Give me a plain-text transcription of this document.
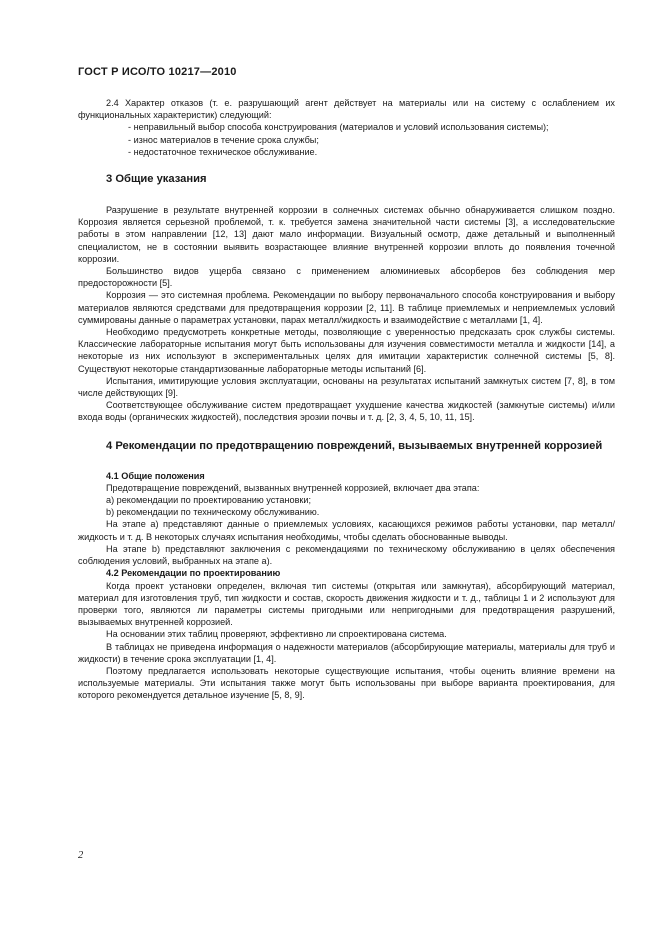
ГОСТ Р ИСО/ТО 10217—2010

2.4 Характер отказов (т. е. разрушающий агент действует на материалы или на систему с ослаблением их функциональных характеристик) следующий:

- неправильный выбор способа конструирования (материалов и условий использования системы);

- износ материалов в течение срока службы;

- недостаточное техническое обслуживание.

3 Общие указания

Разрушение в результате внутренней коррозии в солнечных системах обычно обнаруживается слишком поздно. Коррозия является серьезной проблемой, т. к. требуется замена значительной части системы [3], а исследовательские работы в этом направлении [12, 13] дают мало информации. Визуальный осмотр, даже детальный и выполненный специалистом, не в состоянии выявить возрастающее влияние внутренней коррозии вплоть до появления точечной коррозии.

Большинство видов ущерба связано с применением алюминиевых абсорберов без соблюдения мер предосторожности [5].

Коррозия — это системная проблема. Рекомендации по выбору первоначального способа конструирования и выбору материалов являются средствами для предотвращения коррозии [2, 11]. В таблице приемлемых и неприемлемых условий суммированы данные о параметрах установки, парах металл/жидкость и взаимодействие с металлами [1, 4].

Необходимо предусмотреть конкретные методы, позволяющие с уверенностью предсказать срок службы системы. Классические лабораторные испытания могут быть использованы для изучения совместимости металла и жидкости [14], а некоторые из них используют в экспериментальных целях для имитации характеристик солнечной системы [5, 8]. Существуют некоторые стандартизованные лабораторные методы испытаний [6].

Испытания, имитирующие условия эксплуатации, основаны на результатах испытаний замкнутых систем [7, 8], в том числе действующих [9].

Соответствующее обслуживание систем предотвращает ухудшение качества жидкостей (замкнутые системы) и/или входа воды (органических жидкостей), последствия эрозии почвы и т. д. [2, 3, 4, 5, 10, 11, 15].

4 Рекомендации по предотвращению повреждений, вызываемых внутренней коррозией
4.1 Общие положения

Предотвращение повреждений, вызванных внутренней коррозией, включает два этапа:

a) рекомендации по проектированию установки;

b) рекомендации по техническому обслуживанию.

На этапе а) представляют данные о приемлемых условиях, касающихся режимов работы установки, пар металл/жидкость и т. д. В некоторых случаях испытания необходимы, чтобы сделать обоснованные выводы.

На этапе b) представляют заключения с рекомендациями по техническому обслуживанию в целях обеспечения соблюдения условий, выбранных на этапе а).

4.2 Рекомендации по проектированию

Когда проект установки определен, включая тип системы (открытая или замкнутая), абсорбирующий материал, материал для изготовления труб, тип жидкости и состав, скорость движения жидкости и т. д., таблицы 1 и 2 используют для проверки того, являются ли параметры системы пригодными или непригодными для предотвращения разрушений, вызываемых внутренней коррозией.

На основании этих таблиц проверяют, эффективно ли спроектирована система.

В таблицах не приведена информация о надежности материалов (абсорбирующие материалы, материалы для труб и жидкости) в течение срока эксплуатации [1, 4].

Поэтому предлагается использовать некоторые существующие испытания, чтобы оценить влияние времени на используемые материалы. Эти испытания также могут быть использованы при выборе варианта проектирования, для которого рекомендуется детальное изучение [5, 8, 9].

2
